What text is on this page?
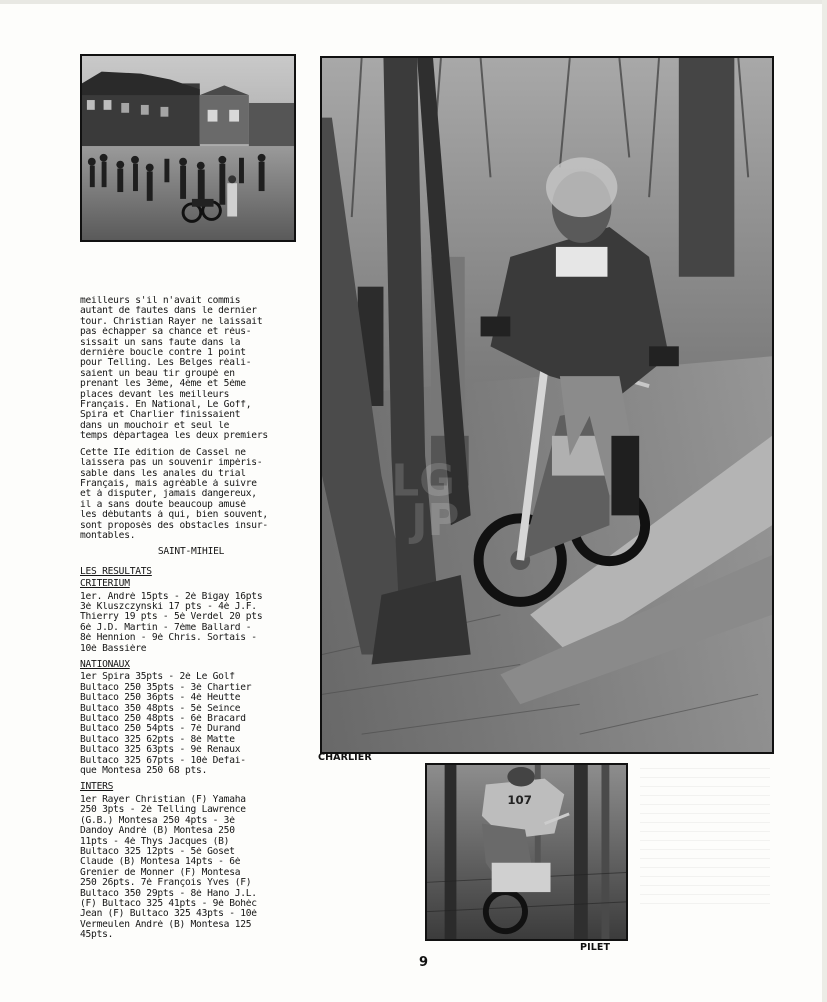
LG
JP
CHARLIER
107
PILET
meilleurs s'il n'avait commis
autant de fautes dans le dernier
tour. Christian Rayer ne laissait
pas échapper sa chance et réus-
sissait un sans faute dans la
dernière boucle contre 1 point
pour Telling. Les Belges réali-
saient un beau tir groupé en
prenant les 3ème, 4ème et 5ème
places devant les meilleurs
Français. En National, Le Goff,
Spira et Charlier finissaient
dans un mouchoir et seul le
temps départagea les deux premiers
Cette IIe édition de Cassel ne
laissera pas un souvenir impéris-
sable dans les anales du trial
Français, mais agréable à suivre
et à disputer, jamais dangereux,
il a sans doute beaucoup amusé
les débutants à qui, bien souvent,
sont proposés des obstacles insur-
montables.
SAINT-MIHIEL
LES RESULTATS
CRITERIUM
1er. André 15pts - 2è Bigay 16pts
3è Kluszczynski 17 pts - 4è J.F.
Thierry 19 pts - 5è Verdel 20 pts
6è J.D. Martin - 7ème Ballard -
8è Hennion - 9è Chris. Sortais -
10è Bassière
NATIONAUX
1er Spira 35pts - 2è Le Golf
Bultaco 250 35pts - 3è Chartier
Bultaco 250 36pts - 4è Heutte
Bultaco 350 48pts - 5è Seince
Bultaco 250 48pts - 6è Bracard
Bultaco 250 54pts - 7è Durand
Bultaco 325 62pts - 8è Matte
Bultaco 325 63pts - 9è Renaux
Bultaco 325 67pts - 10è Defai-
que Montesa 250 68 pts.
INTERS
1er Rayer Christian (F) Yamaha
250 3pts - 2è Telling Lawrence
(G.B.) Montesa 250 4pts - 3è
Dandoy André (B) Montesa 250
11pts - 4è Thys Jacques (B)
Bultaco 325 12pts - 5è Goset
Claude (B) Montesa 14pts - 6è
Grenier de Monner (F) Montesa
250 26pts. 7è François Yves (F)
Bultaco 350 29pts - 8è Hano J.L.
(F) Bultaco 325 41pts - 9è Bohéc
Jean (F) Bultaco 325 43pts - 10è
Vermeulen André (B) Montesa 125
45pts.
9
